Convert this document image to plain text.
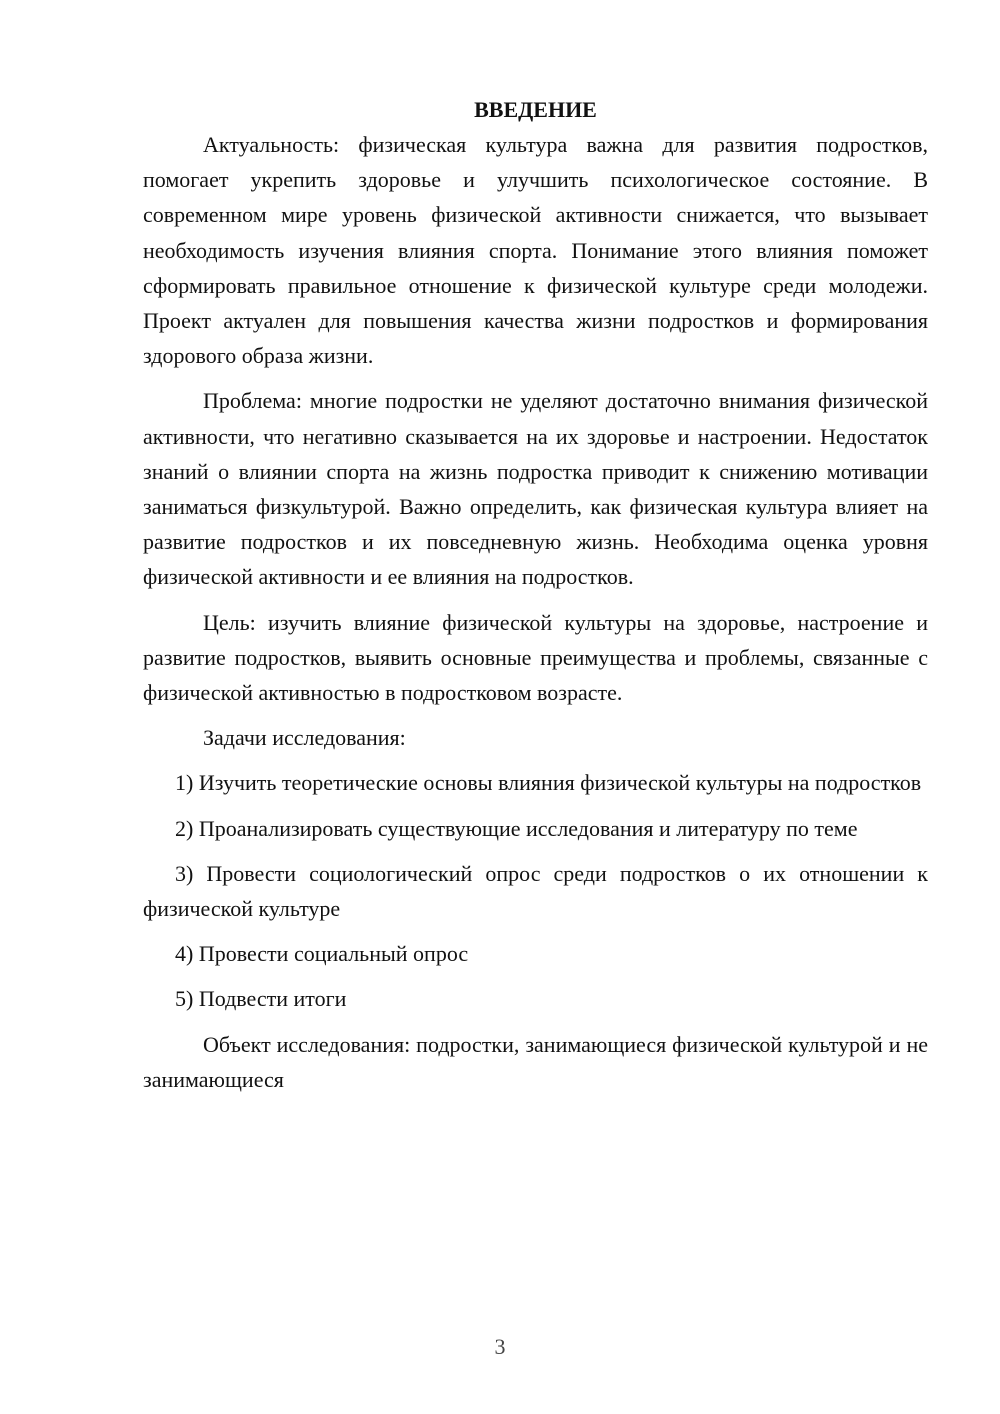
ВВЕДЕНИЕ

Актуальность: физическая культура важна для развития подростков, помогает укрепить здоровье и улучшить психологическое состояние. В современном мире уровень физической активности снижается, что вызывает необходимость изучения влияния спорта. Понимание этого влияния поможет сформировать правильное отношение к физической культуре среди молодежи. Проект актуален для повышения качества жизни подростков и формирования здорового образа жизни.

Проблема: многие подростки не уделяют достаточно внимания физической активности, что негативно сказывается на их здоровье и настроении. Недостаток знаний о влиянии спорта на жизнь подростка приводит к снижению мотивации заниматься физкультурой. Важно определить, как физическая культура влияет на развитие подростков и их повседневную жизнь. Необходима оценка уровня физической активности и ее влияния на подростков.

Цель: изучить влияние физической культуры на здоровье, настроение и развитие подростков, выявить основные преимущества и проблемы, связанные с физической активностью в подростковом возрасте.

Задачи исследования:

1) Изучить теоретические основы влияния физической культуры на подростков

2) Проанализировать существующие исследования и литературу по теме

3) Провести социологический опрос среди подростков о их отношении к физической культуре

4) Провести социальный опрос

5) Подвести итоги

Объект исследования: подростки, занимающиеся физической культурой и не занимающиеся

3
